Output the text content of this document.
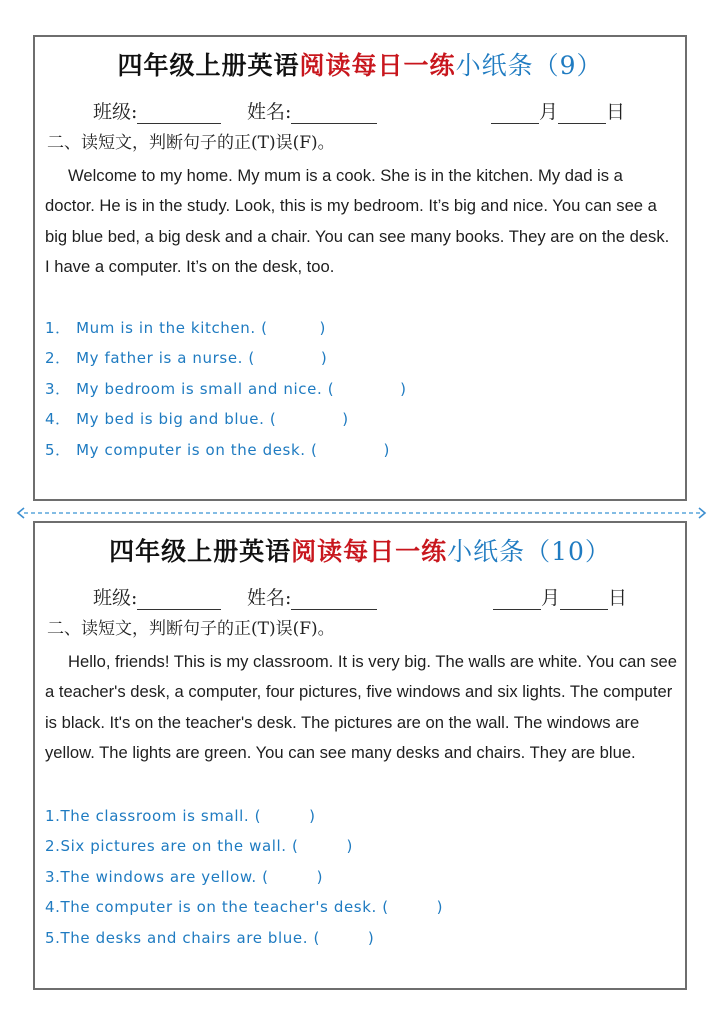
四年级上册英语阅读每日一练小纸条（9）
班级:	姓名:	月	日
二、读短文，判断句子的正(T)误(F)。
Welcome to my home. My mum is a cook. She is in the kitchen. My dad is a doctor. He is in the study. Look, this is my bedroom. It’s big and nice. You can see a big blue bed, a big desk and a chair. You can see many books. They are on the desk. I have a computer. It’s on the desk, too.
1． Mum is in the kitchen. (	)
2． My father is a nurse. (	)
3． My bedroom is small and nice. (	)
4． My bed is big and blue. (	)
5． My computer is on the desk. (	)
四年级上册英语阅读每日一练小纸条（10）
班级:	姓名:	月	日
二、读短文，判断句子的正(T)误(F)。
Hello, friends! This is my classroom. It is very big. The walls are white. You can see a teacher's desk, a computer, four pictures, five windows and six lights. The computer is black. It's on the teacher's desk. The pictures are on the wall. The windows are yellow. The lights are green. You can see many desks and chairs. They are blue.
1.The classroom is small. (	)
2.Six pictures are on the wall. (	)
3.The windows are yellow. (	)
4.The computer is on the teacher's desk. (	)
5.The desks and chairs are blue. (	)
